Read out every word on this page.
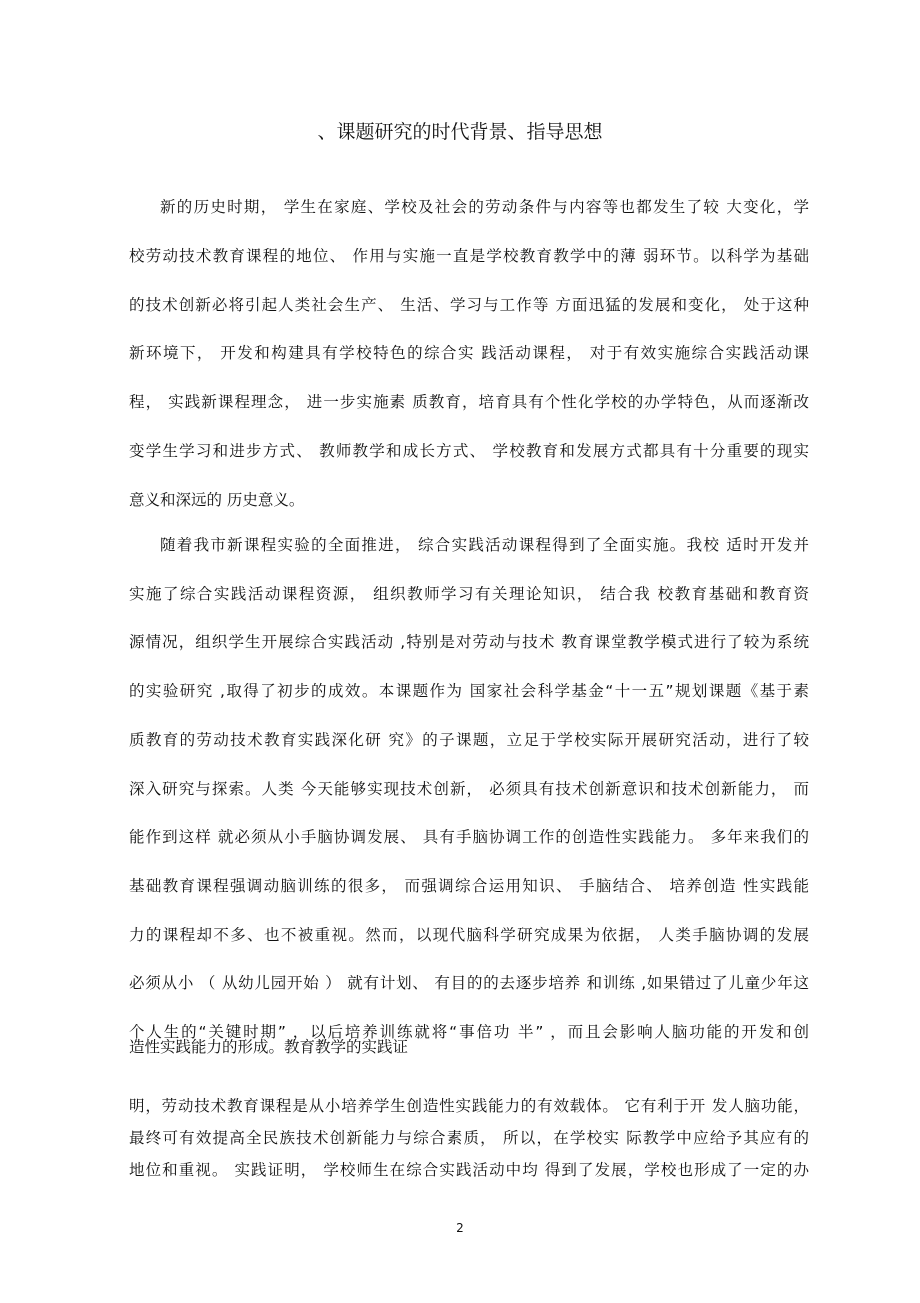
、课题研究的时代背景、指导思想
新的历史时期， 学生在家庭、学校及社会的劳动条件与内容等也都发生了较 大变化，学
校劳动技术教育课程的地位、 作用与实施一直是学校教育教学中的薄 弱环节。以科学为基础
的技术创新必将引起人类社会生产、 生活、学习与工作等 方面迅猛的发展和变化， 处于这种
新环境下， 开发和构建具有学校特色的综合实 践活动课程， 对于有效实施综合实践活动课
程， 实践新课程理念， 进一步实施素 质教育，培育具有个性化学校的办学特色，从而逐渐改
变学生学习和进步方式、 教师教学和成长方式、 学校教育和发展方式都具有十分重要的现实
意义和深远的 历史意义。
随着我市新课程实验的全面推进， 综合实践活动课程得到了全面实施。我校 适时开发并
实施了综合实践活动课程资源， 组织教师学习有关理论知识， 结合我 校教育基础和教育资
源情况，组织学生开展综合实践活动 ,特别是对劳动与技术 教育课堂教学模式进行了较为系统
的实验研究 ,取得了初步的成效。本课题作为 国家社会科学基金“十一五”规划课题《基于素
质教育的劳动技术教育实践深化研 究》的子课题，立足于学校实际开展研究活动，进行了较
深入研究与探索。人类 今天能够实现技术创新， 必须具有技术创新意识和技术创新能力， 而
能作到这样 就必须从小手脑协调发展、 具有手脑协调工作的创造性实践能力。 多年来我们的
基础教育课程强调动脑训练的很多， 而强调综合运用知识、 手脑结合、 培养创造 性实践能
力的课程却不多、也不被重视。然而，以现代脑科学研究成果为依据， 人类手脑协调的发展
必须从小 （ 从幼儿园开始 ） 就有计划、 有目的的去逐步培养 和训练 ,如果错过了儿童少年这
个人生的“关键时期” ，以后培养训练就将“事倍功 半” ，而且会影响人脑功能的开发和创
造性实践能力的形成。教育教学的实践证
明，劳动技术教育课程是从小培养学生创造性实践能力的有效载体。 它有利于开 发人脑功能，
最终可有效提高全民族技术创新能力与综合素质， 所以，在学校实 际教学中应给予其应有的
地位和重视。 实践证明， 学校师生在综合实践活动中均 得到了发展，学校也形成了一定的办
2
